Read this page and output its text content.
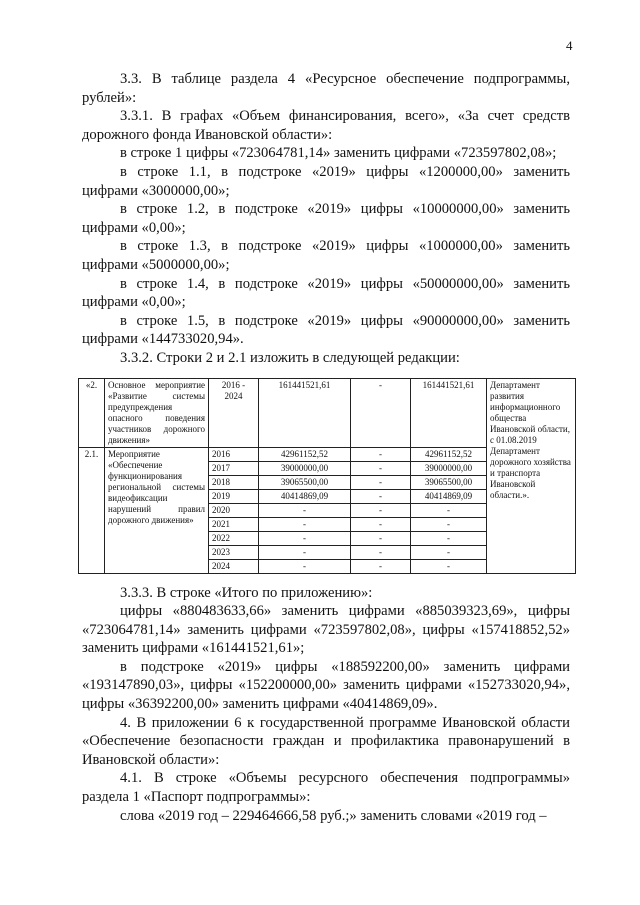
4

3.3. В таблице раздела 4 «Ресурсное обеспечение подпрограммы, рублей»:

3.3.1. В графах «Объем финансирования, всего», «За счет средств дорожного фонда Ивановской области»:

в строке 1 цифры «723064781,14» заменить цифрами «723597802,08»;

в строке 1.1, в подстроке «2019» цифры «1200000,00» заменить цифрами «3000000,00»;

в строке 1.2, в подстроке «2019» цифры «10000000,00» заменить цифрами «0,00»;

в строке 1.3, в подстроке «2019» цифры «1000000,00» заменить цифрами «5000000,00»;

в строке 1.4, в подстроке «2019» цифры «50000000,00» заменить цифрами «0,00»;

в строке 1.5, в подстроке «2019» цифры «90000000,00» заменить цифрами «144733020,94».

3.3.2. Строки 2 и 2.1 изложить в следующей редакции:

«2.	Основное мероприятие «Развитие системы предупреждения опасного поведения участников дорожного движения»	2016 - 2024	161441521,61	-	161441521,61	Департамент развития информационного общества Ивановской области, с 01.08.2019 Департамент дорожного хозяйства и транспорта Ивановской области.».
2.1.	Мероприятие «Обеспечение функционирования региональной системы видеофиксации нарушений правил дорожного движения»	2016	42961152,52	-	42961152,52	
		2017	39000000,00	-	39000000,00	
		2018	39065500,00	-	39065500,00	
		2019	40414869,09	-	40414869,09	
		2020	-	-	-	
		2021	-	-	-	
		2022	-	-	-	
		2023	-	-	-	
		2024	-	-	-	

3.3.3. В строке «Итого по приложению»:

цифры «880483633,66» заменить цифрами «885039323,69», цифры «723064781,14» заменить цифрами «723597802,08», цифры «157418852,52» заменить цифрами «161441521,61»;

в подстроке «2019» цифры «188592200,00» заменить цифрами «193147890,03», цифры «152200000,00» заменить цифрами «152733020,94», цифры «36392200,00» заменить цифрами «40414869,09».

4. В приложении 6 к государственной программе Ивановской области «Обеспечение безопасности граждан и профилактика правонарушений в Ивановской области»:

4.1. В строке «Объемы ресурсного обеспечения подпрограммы» раздела 1 «Паспорт подпрограммы»:

слова «2019 год – 229464666,58 руб.;» заменить словами «2019 год –
